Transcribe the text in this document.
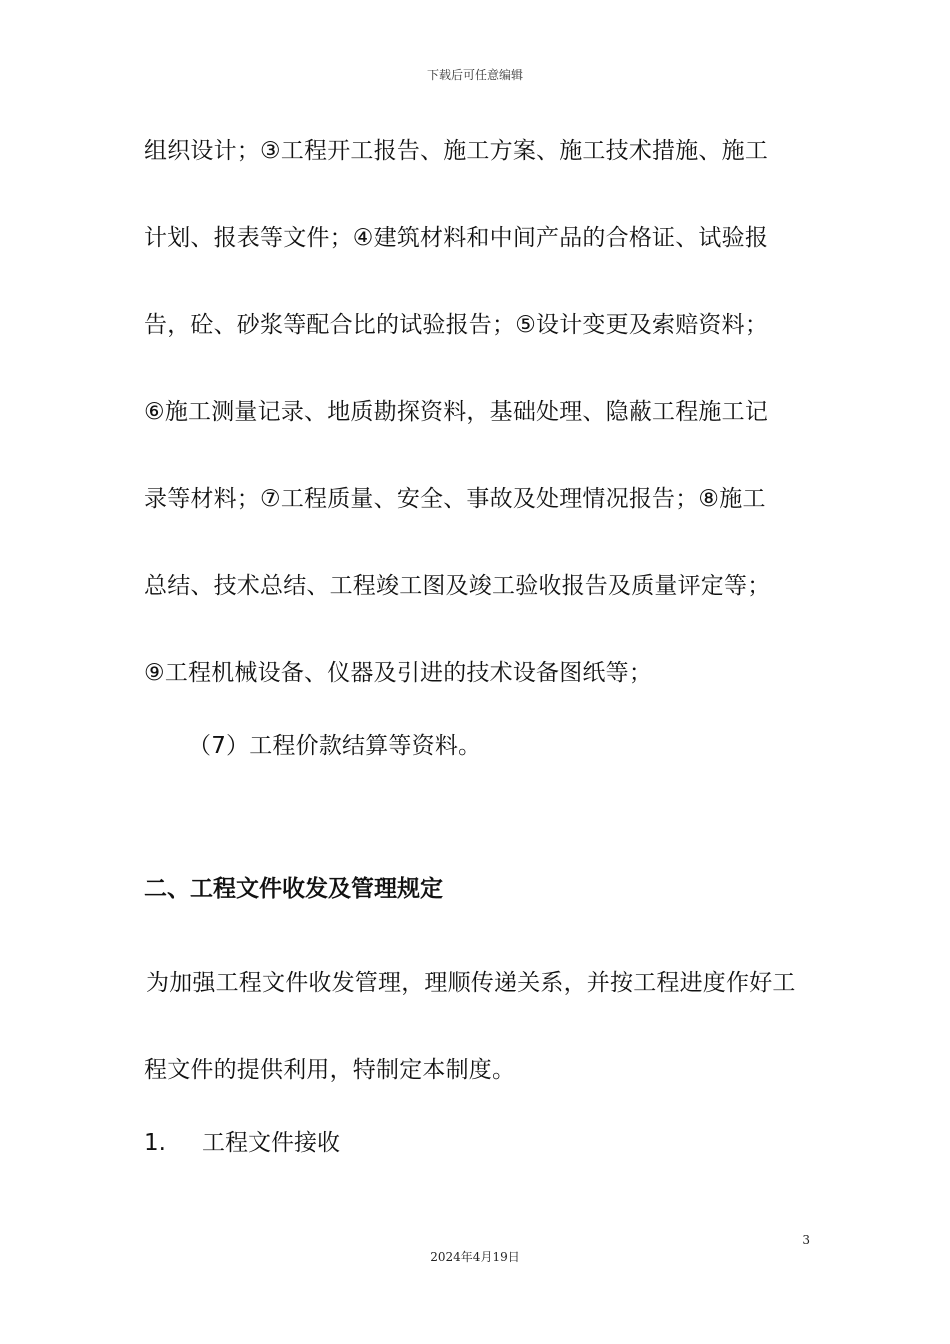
下载后可任意编辑
组织设计；③工程开工报告、施工方案、施工技术措施、施工
计划、报表等文件；④建筑材料和中间产品的合格证、试验报
告，砼、砂浆等配合比的试验报告；⑤设计变更及索赔资料；
⑥施工测量记录、地质勘探资料，基础处理、隐蔽工程施工记
录等材料；⑦工程质量、安全、事故及处理情况报告；⑧施工
总结、技术总结、工程竣工图及竣工验收报告及质量评定等；
⑨工程机械设备、仪器及引进的技术设备图纸等；
（7）工程价款结算等资料。
二、工程文件收发及管理规定
为加强工程文件收发管理，理顺传递关系，并按工程进度作好工
程文件的提供利用，特制定本制度。
1. 工程文件接收
3
2024年4月19日
